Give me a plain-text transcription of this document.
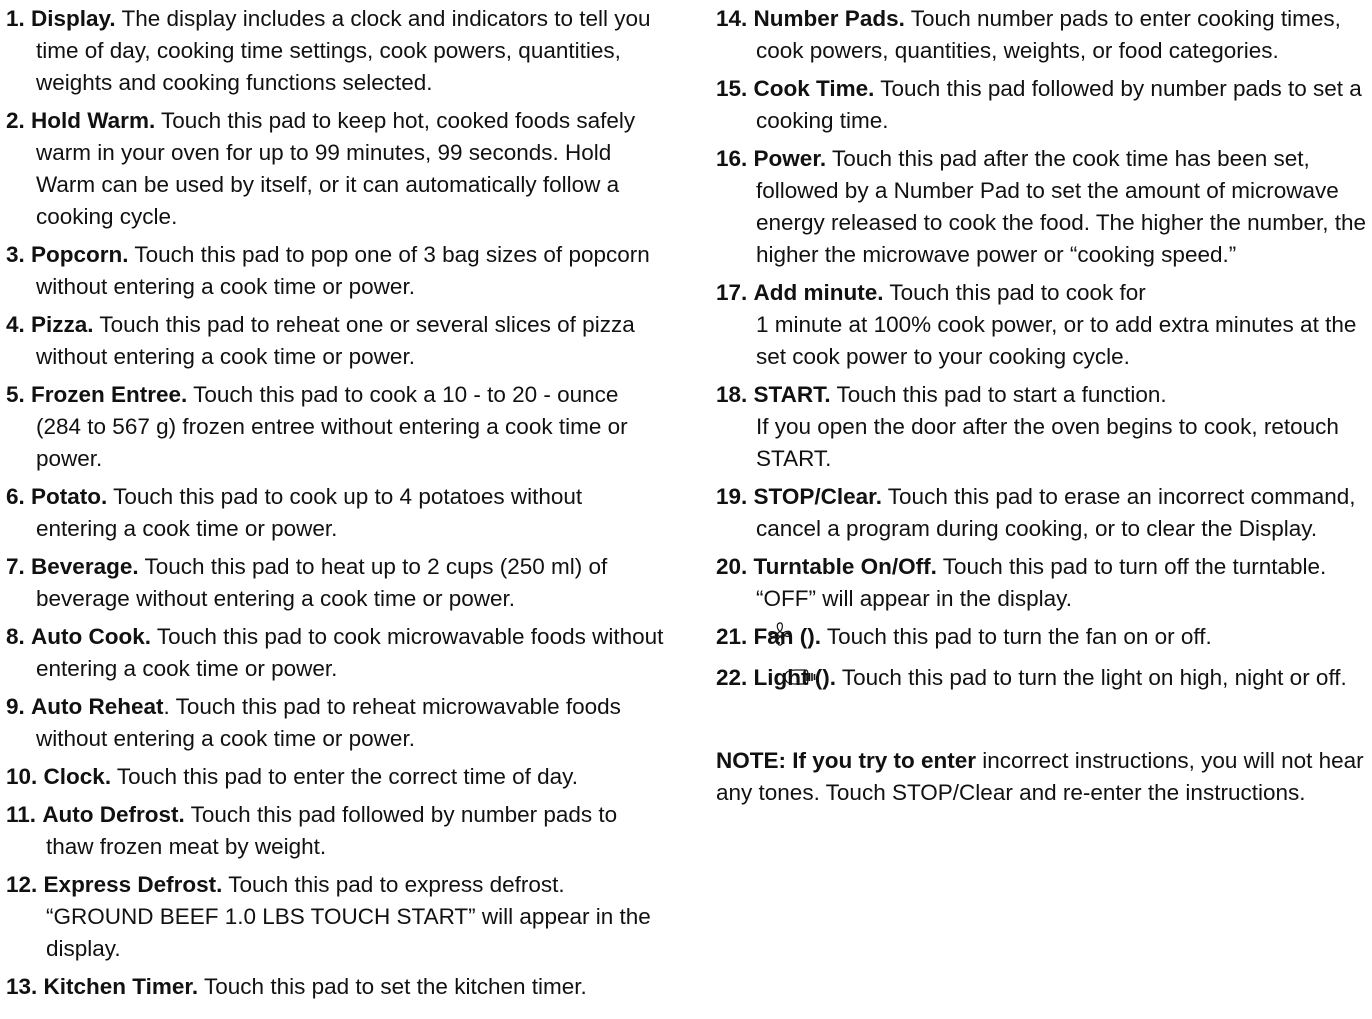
1. Display. The display includes a clock and indicators to tell you time of day, cooking time settings, cook powers, quantities, weights and cooking functions selected.

2. Hold Warm. Touch this pad to keep hot, cooked foods safely warm in your oven for up to 99 minutes, 99 seconds. Hold Warm can be used by itself, or it can automatically follow a cooking cycle.

3. Popcorn. Touch this pad to pop one of 3 bag sizes of popcorn without entering a cook time or power.

4. Pizza. Touch this pad to reheat one or several slices of pizza without entering a cook time or power.

5. Frozen Entree. Touch this pad to cook a 10 - to 20 - ounce (284 to 567 g) frozen entree without entering a cook time or power.

6. Potato. Touch this pad to cook up to 4 potatoes without entering a cook time or power.

7. Beverage. Touch this pad to heat up to 2 cups (250 ml) of beverage without entering a cook time or power.

8. Auto Cook. Touch this pad to cook microwavable foods without entering a cook time or power.

9. Auto Reheat. Touch this pad to reheat microwavable foods without entering a cook time or power.

10. Clock. Touch this pad to enter the correct time of day.

11. Auto Defrost. Touch this pad followed by number pads to thaw frozen meat by weight.

12. Express Defrost. Touch this pad to express defrost. “GROUND BEEF 1.0 LBS TOUCH START” will appear in the display.

13. Kitchen Timer. Touch this pad to set the kitchen timer.

14. Number Pads. Touch number pads to enter cooking times, cook powers, quantities, weights, or food categories.

15. Cook Time. Touch this pad followed by number pads to set a cooking time.

16. Power. Touch this pad after the cook time has been set, followed by a Number Pad to set the amount of microwave energy released to cook the food. The higher the number, the higher the microwave power or “cooking speed.”

17. Add minute. Touch this pad to cook for
1 minute at 100% cook power, or to add extra minutes at the set cook power to your cooking cycle.

18. START. Touch this pad to start a function.
If you open the door after the oven begins to cook, retouch START.

19. STOP/Clear. Touch this pad to erase an incorrect command, cancel a program during cooking, or to clear the Display.

20. Turntable On/Off. Touch this pad to turn off the turntable. “OFF” will appear in the display.

21. Fan (). Touch this pad to turn the fan on or off.

22. Light (). Touch this pad to turn the light on high, night or off.

NOTE: If you try to enter incorrect instructions, you will not hear any tones. Touch STOP/Clear and re-enter the instructions.
